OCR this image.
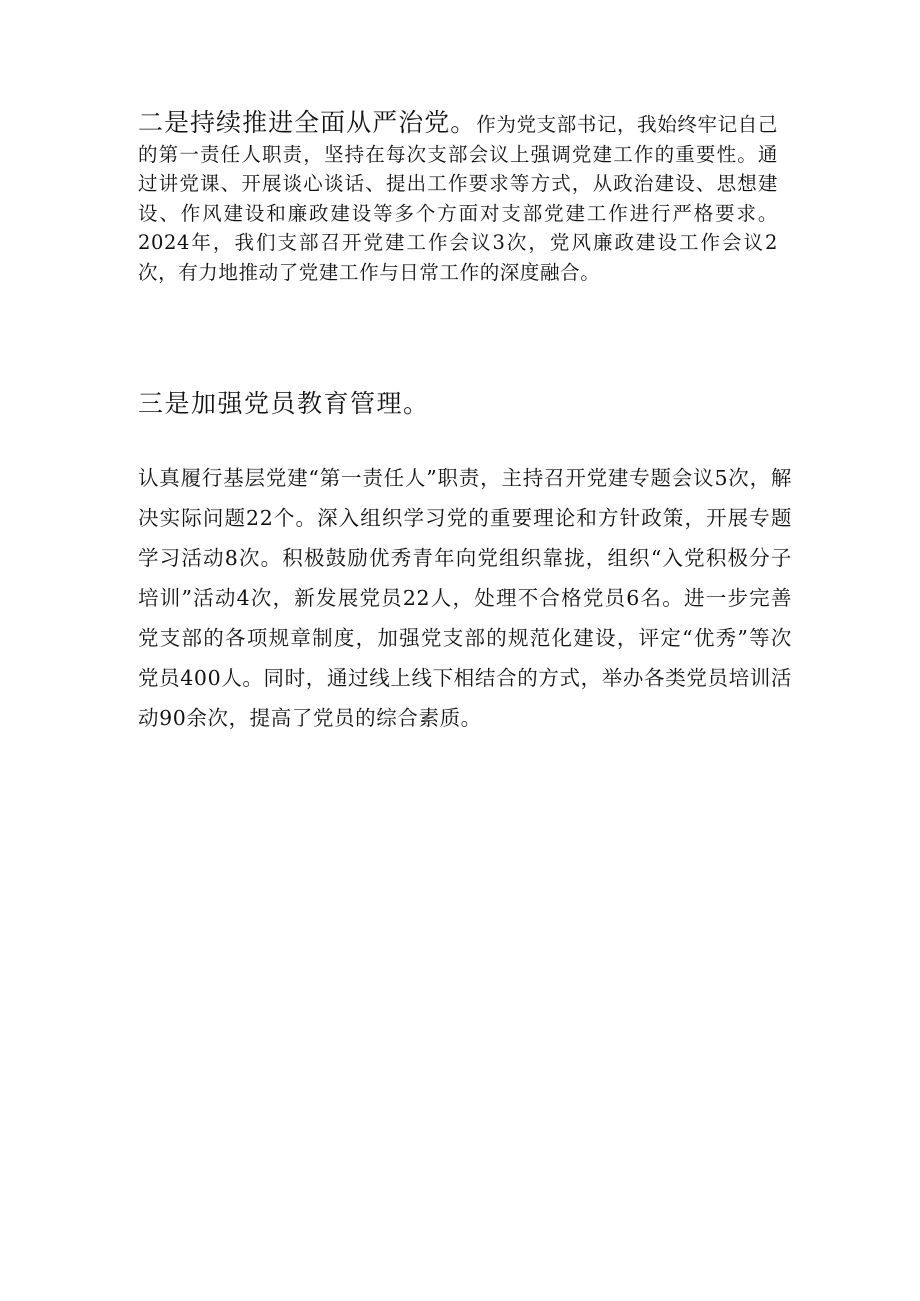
二是持续推进全面从严治党。作为党支部书记，我始终牢记自己的第一责任人职责，坚持在每次支部会议上强调党建工作的重要性。通过讲党课、开展谈心谈话、提出工作要求等方式，从政治建设、思想建设、作风建设和廉政建设等多个方面对支部党建工作进行严格要求。2024年，我们支部召开党建工作会议3次，党风廉政建设工作会议2次，有力地推动了党建工作与日常工作的深度融合。

三是加强党员教育管理。

认真履行基层党建“第一责任人”职责，主持召开党建专题会议5次，解决实际问题22个。深入组织学习党的重要理论和方针政策，开展专题学习活动8次。积极鼓励优秀青年向党组织靠拢，组织“入党积极分子培训”活动4次，新发展党员22人，处理不合格党员6名。进一步完善党支部的各项规章制度，加强党支部的规范化建设，评定“优秀”等次党员400人。同时，通过线上线下相结合的方式，举办各类党员培训活动90余次，提高了党员的综合素质。
